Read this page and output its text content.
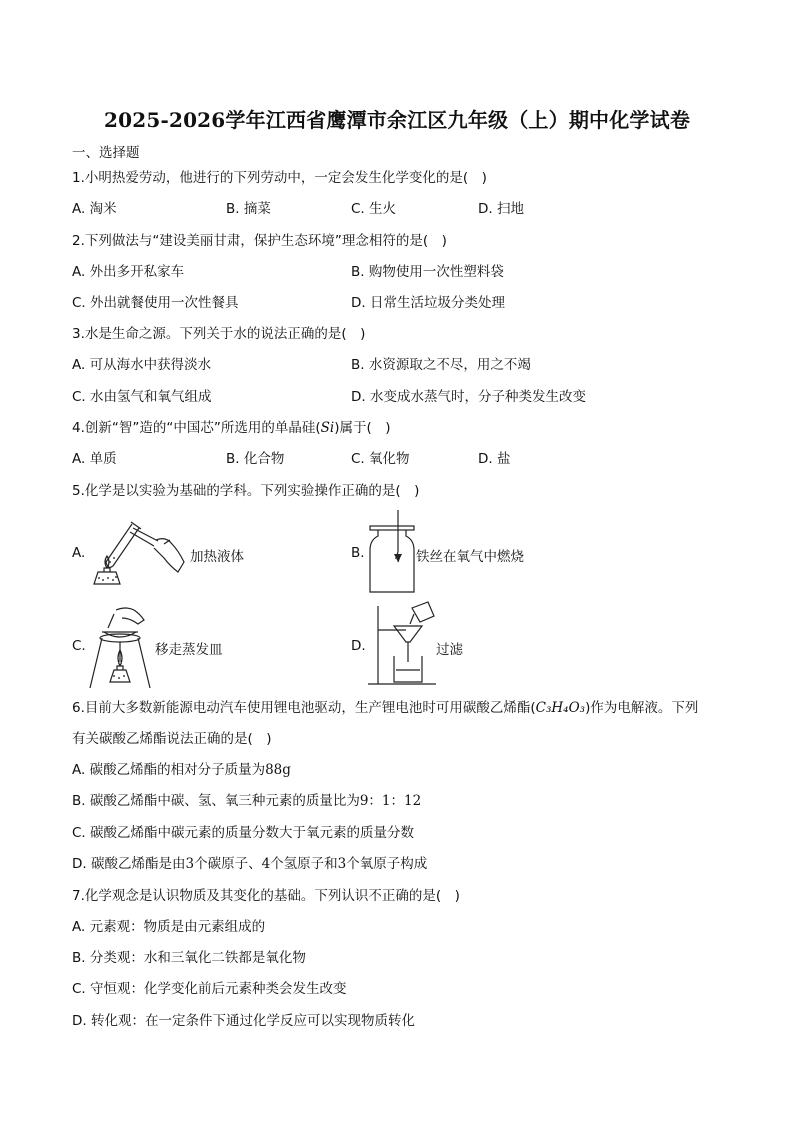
2025-2026学年江西省鹰潭市余江区九年级（上）期中化学试卷
一、选择题
1.小明热爱劳动，他进行的下列劳动中，一定会发生化学变化的是(　)
A. 淘米	B. 摘菜	C. 生火	D. 扫地
2.下列做法与“建设美丽甘肃，保护生态环境”理念相符的是(　)
A. 外出多开私家车	B. 购物使用一次性塑料袋
C. 外出就餐使用一次性餐具	D. 日常生活垃圾分类处理
3.水是生命之源。下列关于水的说法正确的是(　)
A. 可从海水中获得淡水	B. 水资源取之不尽，用之不竭
C. 水由氢气和氧气组成	D. 水变成水蒸气时，分子种类发生改变
4.创新“智”造的“中国芯”所选用的单晶硅(Si)属于(　)
A. 单质	B. 化合物	C. 氧化物	D. 盐
5.化学是以实验为基础的学科。下列实验操作正确的是(　)
A.	加热液体	B.	铁丝在氧气中燃烧
C.	移走蒸发皿	D.	过滤
6.目前大多数新能源电动汽车使用锂电池驱动，生产锂电池时可用碳酸乙烯酯(C₃H₄O₃)作为电解液。下列
有关碳酸乙烯酯说法正确的是(　)
A. 碳酸乙烯酯的相对分子质量为88g
B. 碳酸乙烯酯中碳、氢、氧三种元素的质量比为9：1：12
C. 碳酸乙烯酯中碳元素的质量分数大于氧元素的质量分数
D. 碳酸乙烯酯是由3个碳原子、4个氢原子和3个氧原子构成
7.化学观念是认识物质及其变化的基础。下列认识不正确的是(　)
A. 元素观：物质是由元素组成的
B. 分类观：水和三氧化二铁都是氧化物
C. 守恒观：化学变化前后元素种类会发生改变
D. 转化观：在一定条件下通过化学反应可以实现物质转化
